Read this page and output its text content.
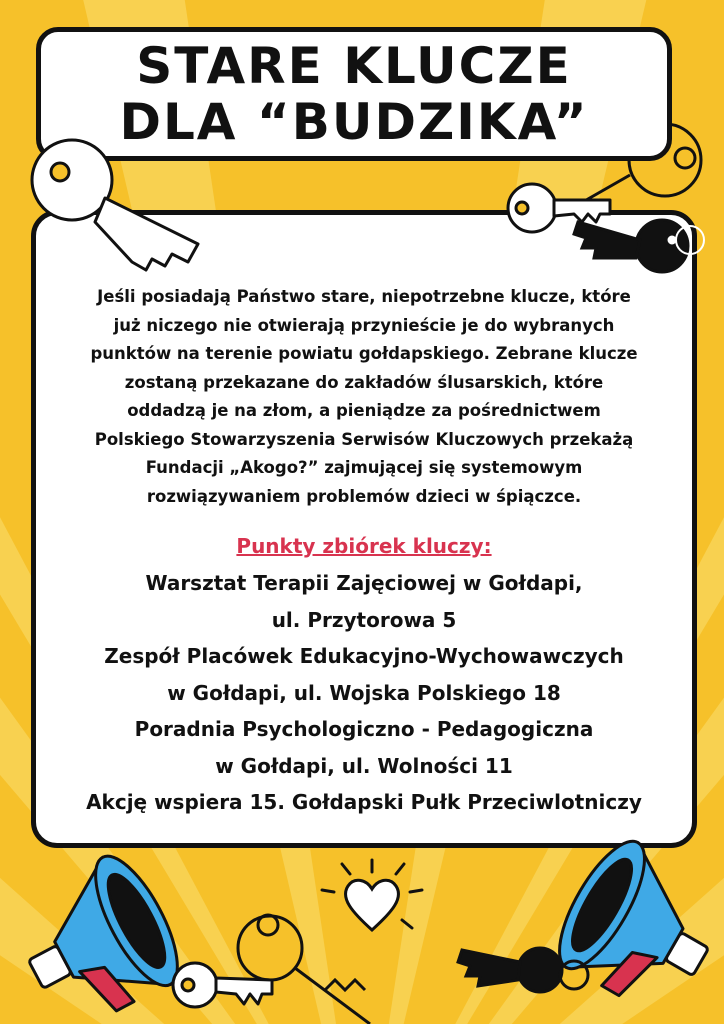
STARE KLUCZE
DLA “BUDZIKA”

Jeśli posiadają Państwo stare, niepotrzebne klucze, które
już niczego nie otwierają przynieście je do wybranych
punktów na terenie powiatu gołdapskiego. Zebrane klucze
zostaną przekazane do zakładów ślusarskich, które
oddadzą je na złom, a pieniądze za pośrednictwem
Polskiego Stowarzyszenia Serwisów Kluczowych przekażą
Fundacji „Akogo?” zajmującej się systemowym
rozwiązywaniem problemów dzieci w śpiączce.

Punkty zbiórek kluczy:
Warsztat Terapii Zajęciowej w Gołdapi,
ul. Przytorowa 5
Zespół Placówek Edukacyjno-Wychowawczych
w Gołdapi, ul. Wojska Polskiego 18
Poradnia Psychologiczno - Pedagogiczna
w Gołdapi, ul. Wolności 11
Akcję wspiera 15. Gołdapski Pułk Przeciwlotniczy
